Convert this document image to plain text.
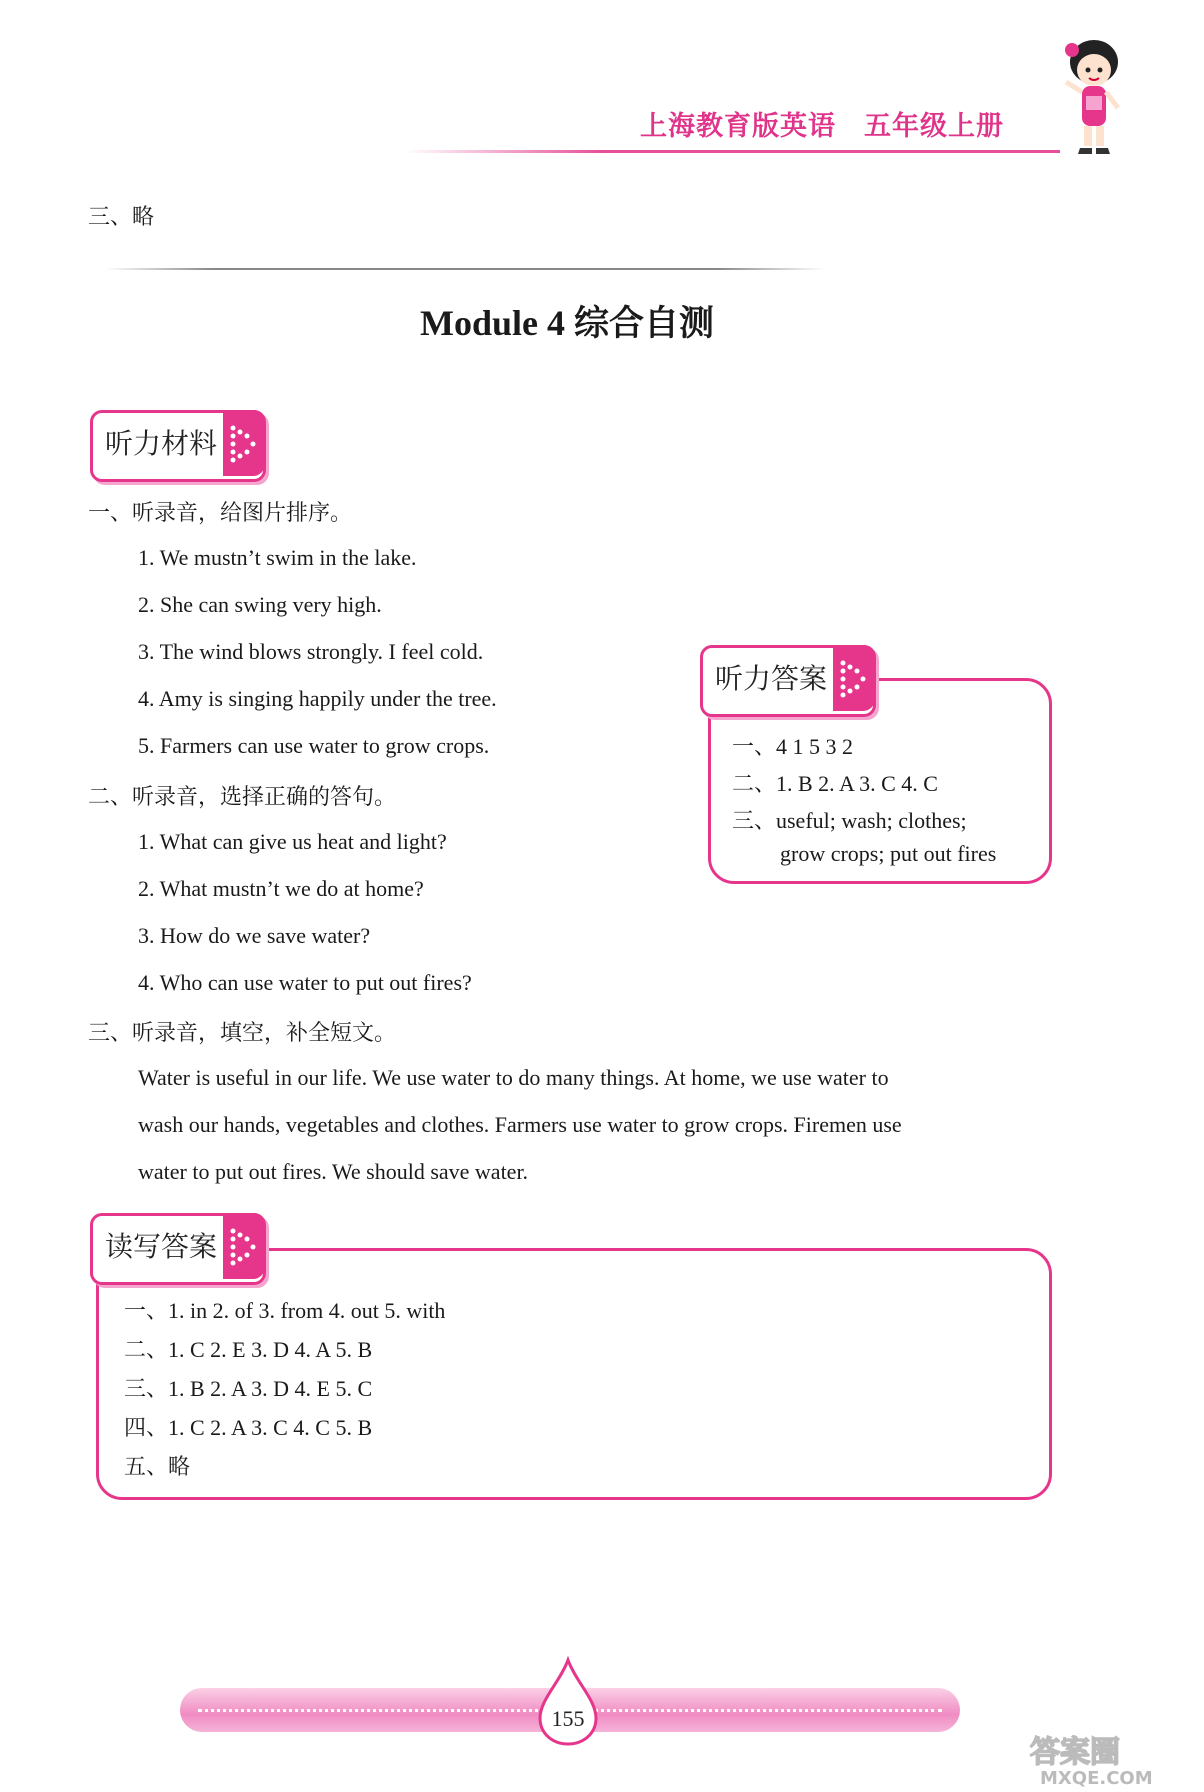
上海教育版英语 五年级上册
三、略
Module 4 综合自测
听力材料
一、听录音，给图片排序。
1. We mustn’t swim in the lake.
2. She can swing very high.
3. The wind blows strongly. I feel cold.
4. Amy is singing happily under the tree.
5. Farmers can use water to grow crops.
二、听录音，选择正确的答句。
1. What can give us heat and light?
2. What mustn’t we do at home?
3. How do we save water?
4. Who can use water to put out fires?
三、听录音，填空，补全短文。
Water is useful in our life. We use water to do many things. At home, we use water to
wash our hands, vegetables and clothes. Farmers use water to grow crops. Firemen use
water to put out fires. We should save water.
听力答案
一、4 1 5 3 2
二、1. B 2. A 3. C 4. C
三、useful; wash; clothes;
grow crops; put out fires
读写答案
一、1. in 2. of 3. from 4. out 5. with
二、1. C 2. E 3. D 4. A 5. B
三、1. B 2. A 3. D 4. E 5. C
四、1. C 2. A 3. C 4. C 5. B
五、略
155
答案圈
MXQE.COM
